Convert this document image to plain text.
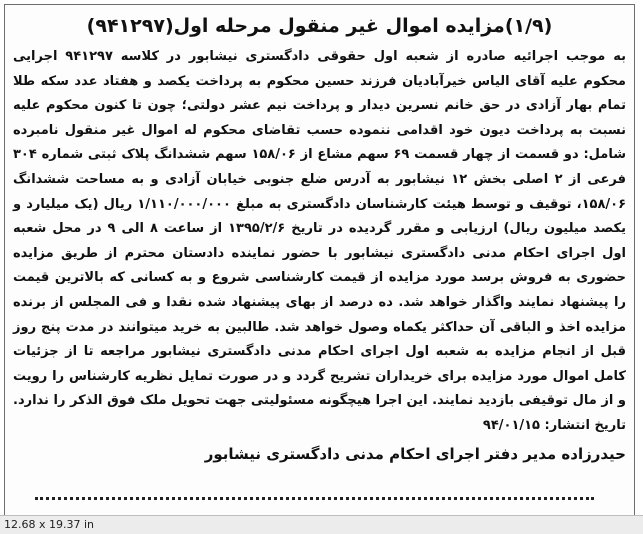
(۱/۹)مزایده اموال غیر منقول مرحله اول(۹۴۱۲۹۷)

به موجب اجرائیه صادره از شعبه اول حقوقی دادگستری نیشابور در کلاسه ۹۴۱۲۹۷ اجرایی محکوم علیه آقای الیاس خیرآبادیان فرزند حسین محکوم به پرداخت یکصد و هفتاد عدد سکه طلا تمام بهار آزادی در حق خانم نسرین دیدار و پرداخت نیم عشر دولتی؛ چون تا کنون محکوم علیه نسبت به پرداخت دیون خود اقدامی ننموده حسب تقاضای محکوم له اموال غیر منقول نامبرده شامل: دو قسمت از چهار قسمت ۶۹ سهم مشاع از ۱۵۸/۰۶ سهم ششدانگ پلاک ثبتی شماره ۳۰۴ فرعی از ۲ اصلی بخش ۱۲ نیشابور به آدرس ضلع جنوبی خیابان آزادی و به مساحت ششدانگ ۱۵۸/۰۶، توقیف و توسط هیئت کارشناسان دادگستری به مبلغ ۱/۱۱۰/۰۰۰/۰۰۰ ریال (یک میلیارد و یکصد میلیون ریال) ارزیابی و مقرر گردیده در تاریخ ۱۳۹۵/۲/۶ از ساعت ۸ الی ۹ در محل شعبه اول اجرای احکام مدنی دادگستری نیشابور با حضور نماینده دادستان محترم از طریق مزایده حضوری به فروش برسد مورد مزایده از قیمت کارشناسی شروع و به کسانی که بالاترین قیمت را پیشنهاد نمایند واگذار خواهد شد. ده درصد از بهای پیشنهاد شده نقدا و فی المجلس از برنده مزایده اخذ و الباقی آن حداکثر یکماه وصول خواهد شد. طالبین به خرید میتوانند در مدت پنج روز قبل از انجام مزایده به شعبه اول اجرای احکام مدنی دادگستری نیشابور مراجعه تا از جزئیات کامل اموال مورد مزایده برای خریداران تشریح گردد و در صورت تمایل نظریه کارشناس را رویت و از مال توقیفی بازدید نمایند. این اجرا هیچگونه مسئولیتی جهت تحویل ملک فوق الذکر را ندارد. تاریخ انتشار: ۹۴/۰۱/۱۵

حیدرزاده مدیر دفتر اجرای احکام مدنی دادگستری نیشابور
12.68 x 19.37 in
